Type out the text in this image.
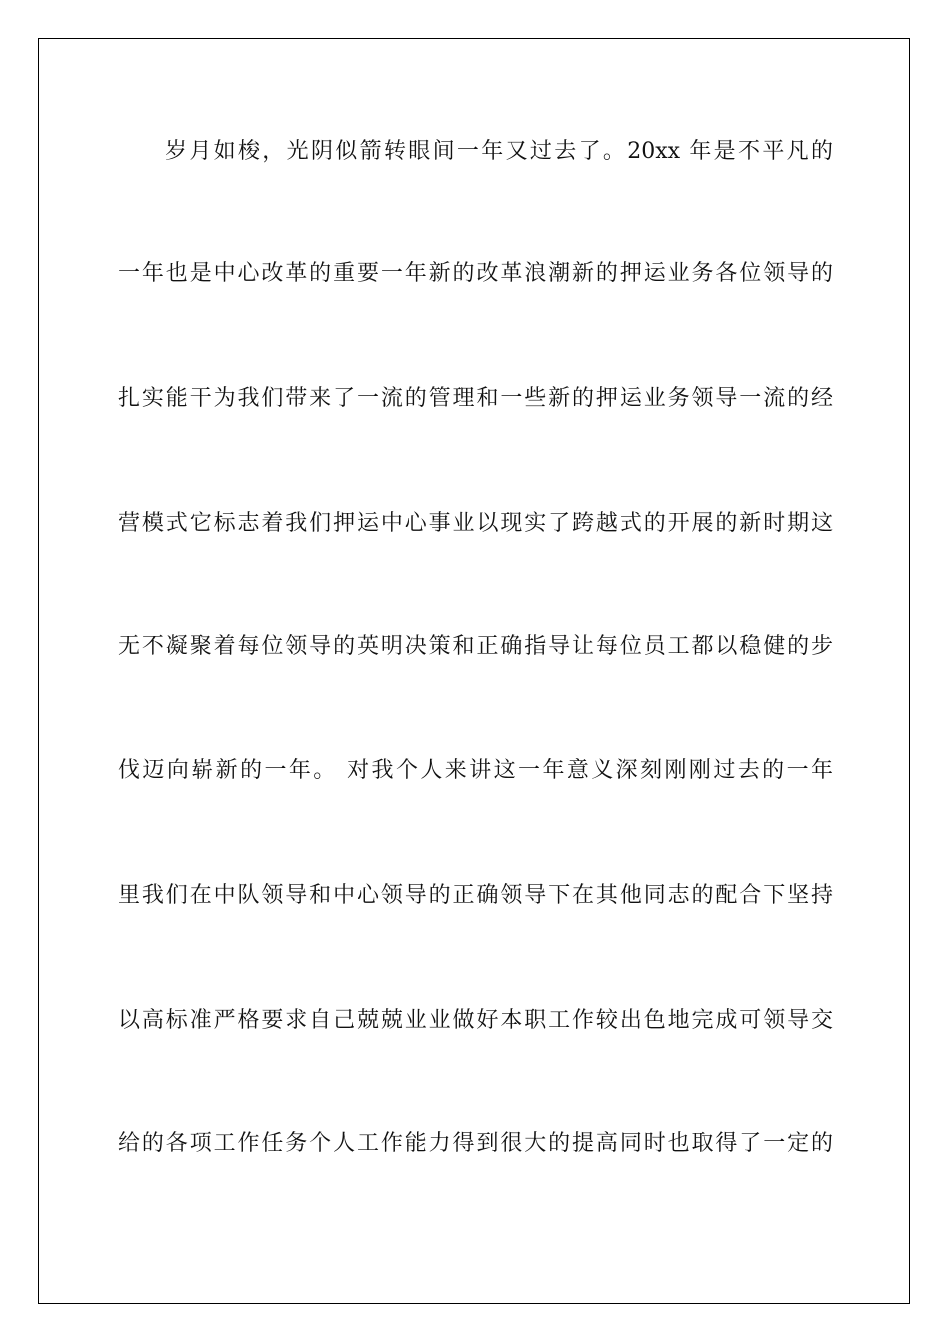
岁月如梭，光阴似箭转眼间一年又过去了。20xx 年是不平凡的
一年也是中心改革的重要一年新的改革浪潮新的押运业务各位领导的
扎实能干为我们带来了一流的管理和一些新的押运业务领导一流的经
营模式它标志着我们押运中心事业以现实了跨越式的开展的新时期这
无不凝聚着每位领导的英明决策和正确指导让每位员工都以稳健的步
伐迈向崭新的一年。 对我个人来讲这一年意义深刻刚刚过去的一年
里我们在中队领导和中心领导的正确领导下在其他同志的配合下坚持
以高标准严格要求自己兢兢业业做好本职工作较出色地完成可领导交
给的各项工作任务个人工作能力得到很大的提高同时也取得了一定的
